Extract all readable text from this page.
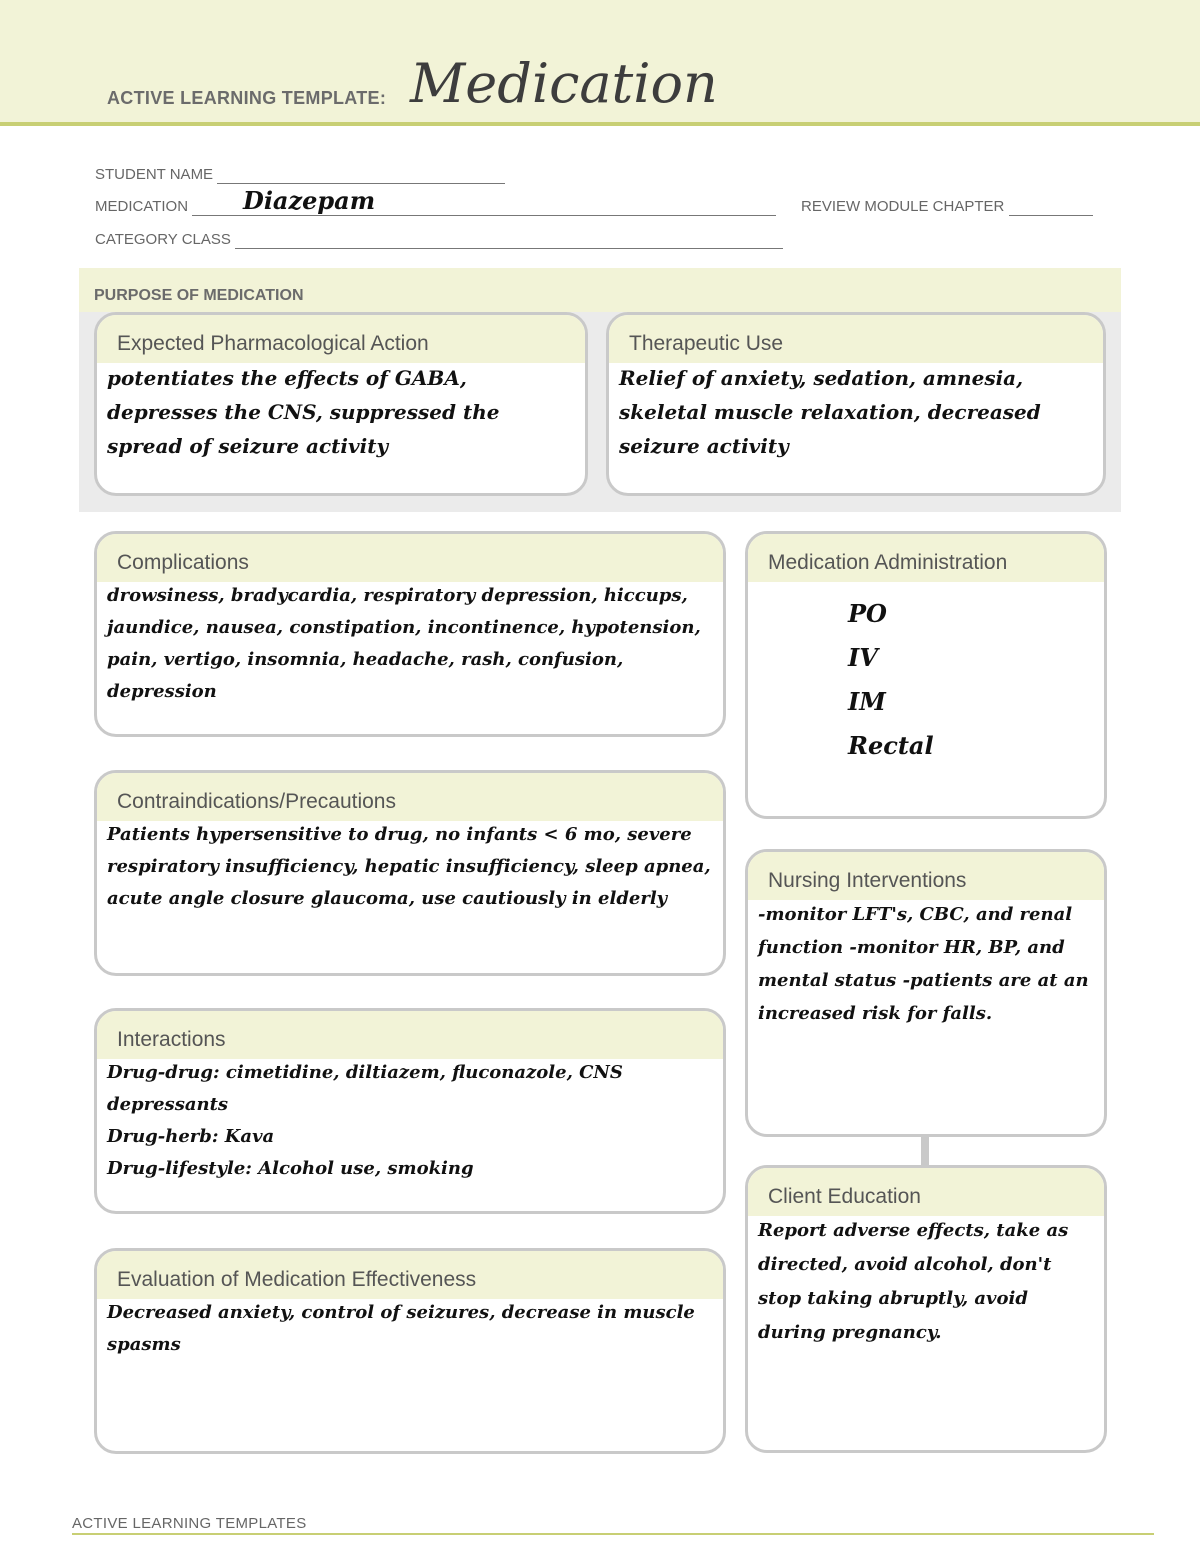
ACTIVE LEARNING TEMPLATE: Medication
STUDENT NAME
MEDICATION	Diazepam	REVIEW MODULE CHAPTER
CATEGORY CLASS
PURPOSE OF MEDICATION
Expected Pharmacological Action
potentiates the effects of GABA, depresses the CNS, suppressed the spread of seizure activity
Therapeutic Use
Relief of anxiety, sedation, amnesia, skeletal muscle relaxation, decreased seizure activity
Complications
drowsiness, bradycardia, respiratory depression, hiccups, jaundice, nausea, constipation, incontinence, hypotension, pain, vertigo, insomnia, headache, rash, confusion, depression
Medication Administration
PO
IV
IM
Rectal
Contraindications/Precautions
Patients hypersensitive to drug, no infants < 6 mo, severe respiratory insufficiency, hepatic insufficiency, sleep apnea, acute angle closure glaucoma, use cautiously in elderly
Nursing Interventions
-monitor LFT's, CBC, and renal function -monitor HR, BP, and mental status -patients are at an increased risk for falls.
Interactions
Drug-drug: cimetidine, diltiazem, fluconazole, CNS depressants
Drug-herb: Kava
Drug-lifestyle: Alcohol use, smoking
Client Education
Report adverse effects, take as directed, avoid alcohol, don't stop taking abruptly, avoid during pregnancy.
Evaluation of Medication Effectiveness
Decreased anxiety, control of seizures, decrease in muscle spasms
ACTIVE LEARNING TEMPLATES
